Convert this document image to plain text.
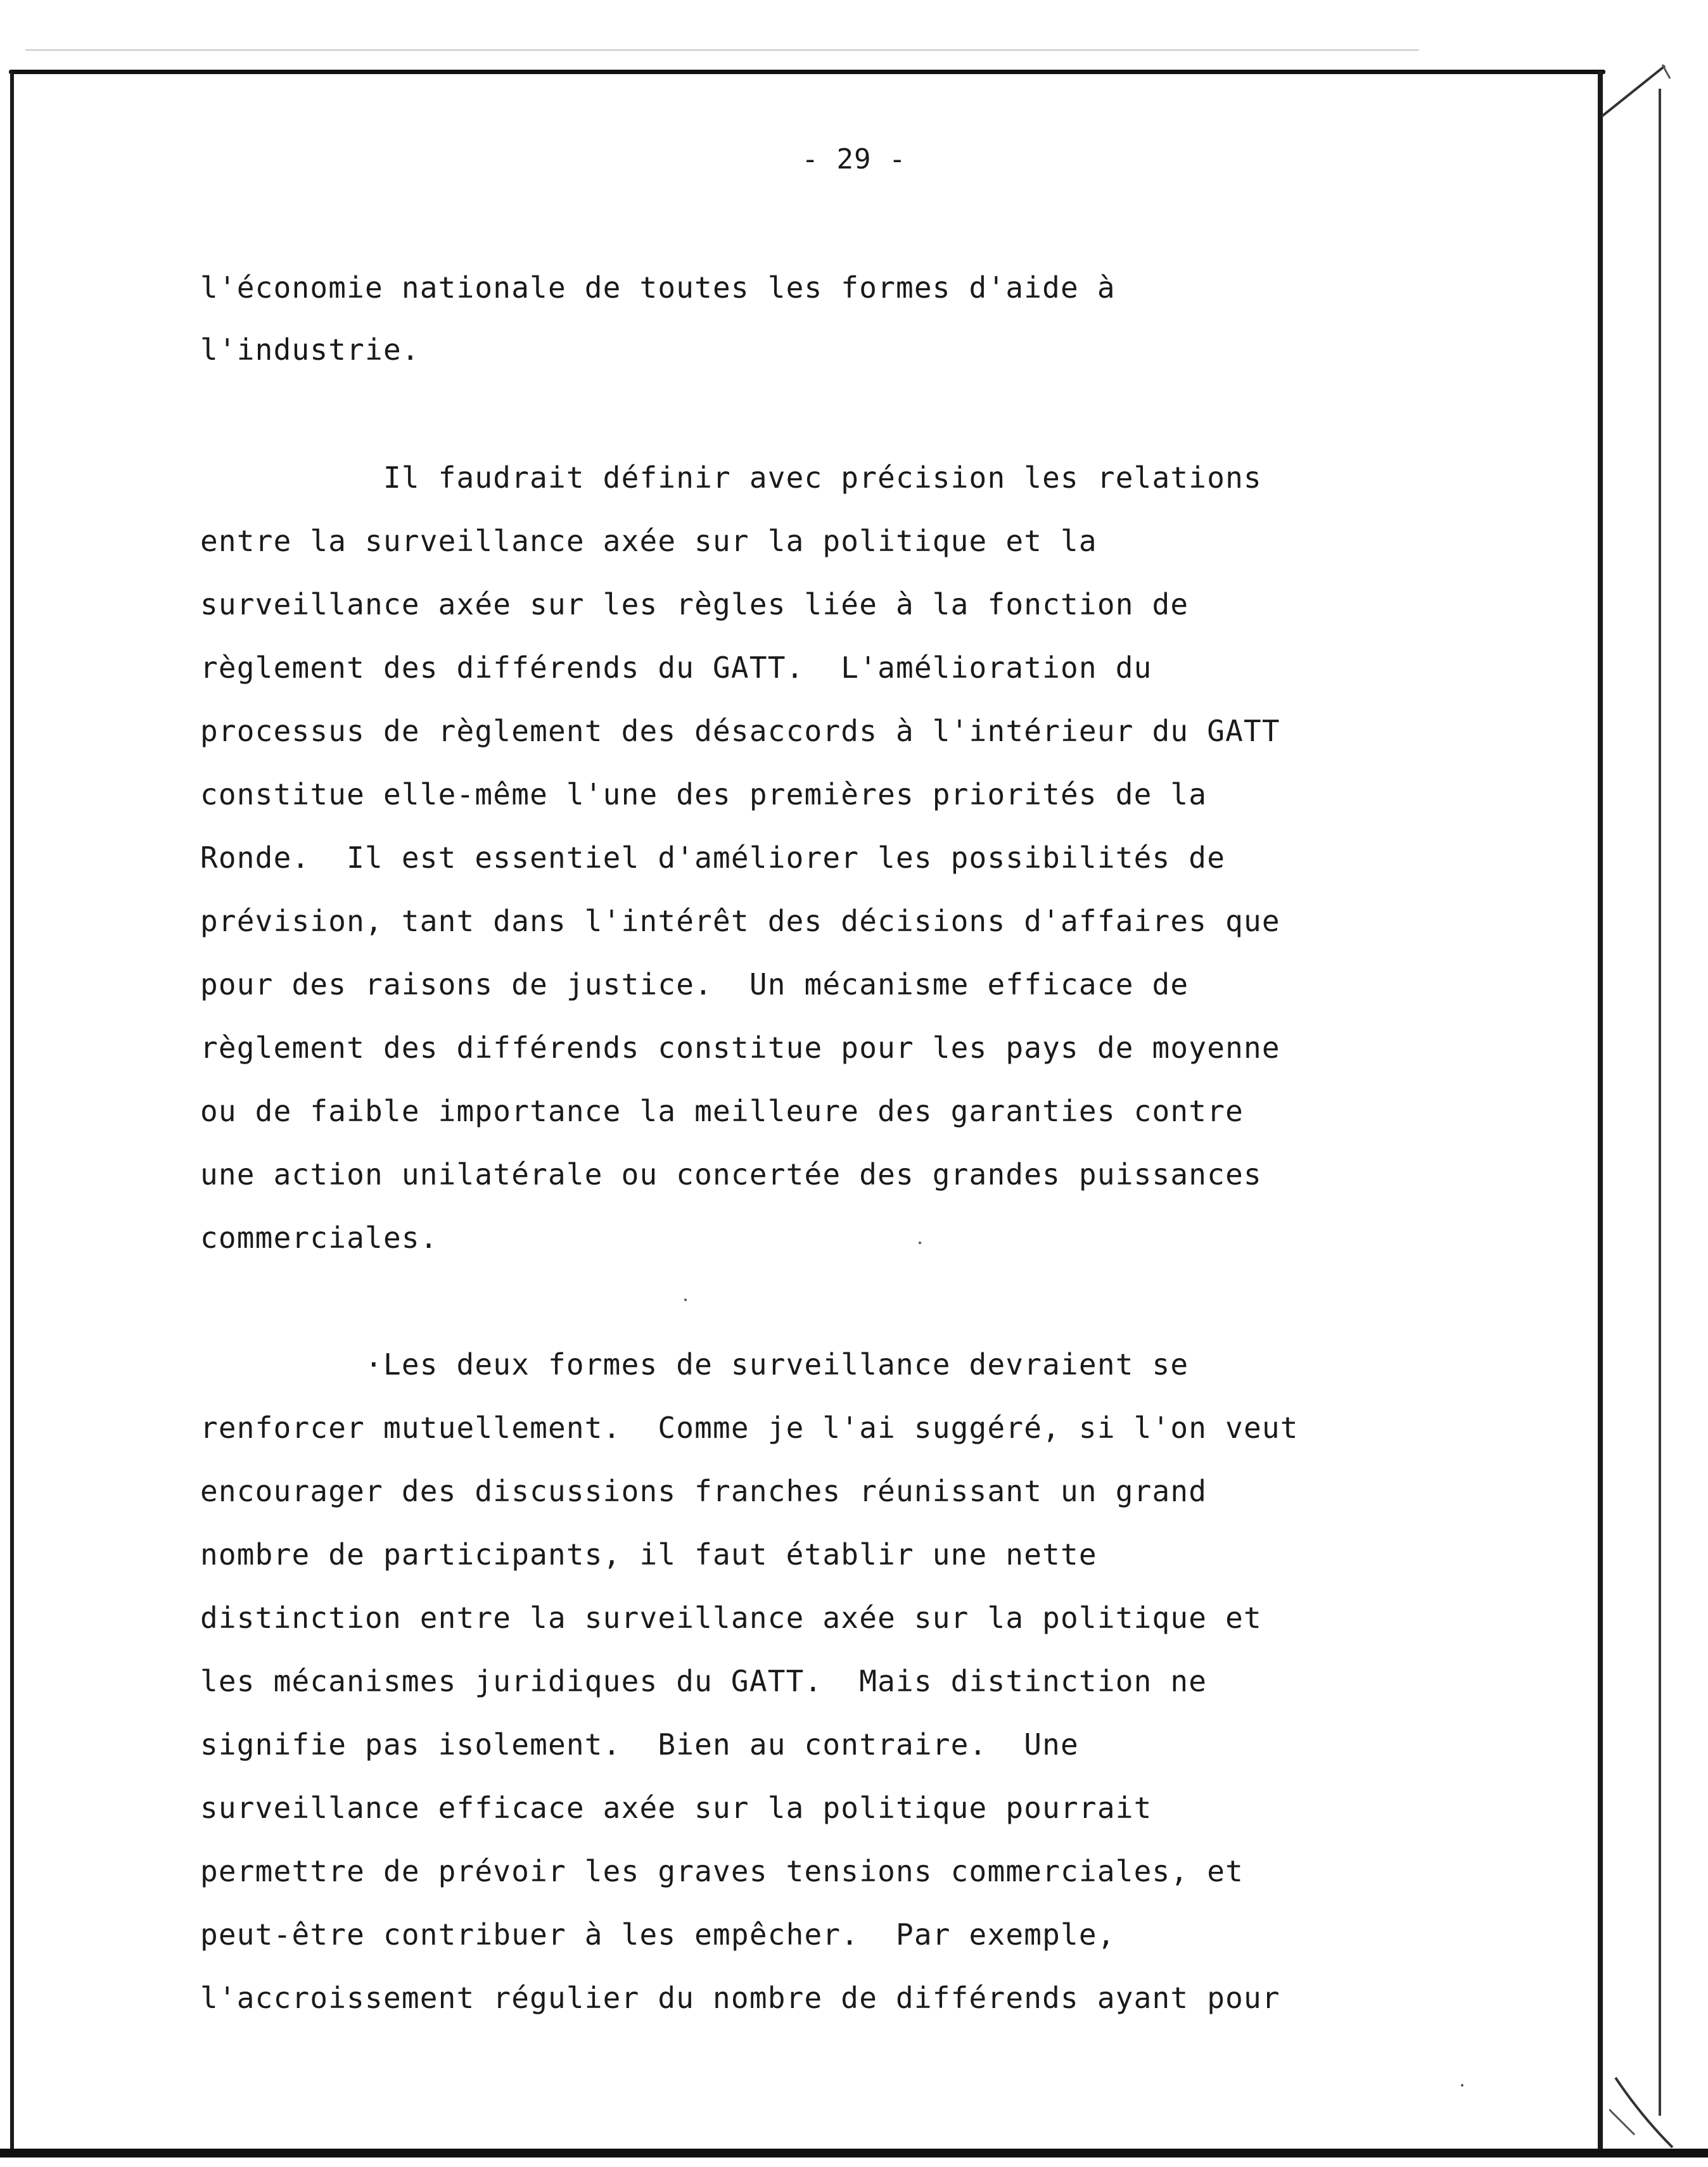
- 29 -
l'économie nationale de toutes les formes d'aide à
l'industrie.
Il faudrait définir avec précision les relations
entre la surveillance axée sur la politique et la
surveillance axée sur les règles liée à la fonction de
règlement des différends du GATT.  L'amélioration du
processus de règlement des désaccords à l'intérieur du GATT
constitue elle-même l'une des premières priorités de la
Ronde.  Il est essentiel d'améliorer les possibilités de
prévision, tant dans l'intérêt des décisions d'affaires que
pour des raisons de justice.  Un mécanisme efficace de
règlement des différends constitue pour les pays de moyenne
ou de faible importance la meilleure des garanties contre
une action unilatérale ou concertée des grandes puissances
commerciales.
·Les deux formes de surveillance devraient se
renforcer mutuellement.  Comme je l'ai suggéré, si l'on veut
encourager des discussions franches réunissant un grand
nombre de participants, il faut établir une nette
distinction entre la surveillance axée sur la politique et
les mécanismes juridiques du GATT.  Mais distinction ne
signifie pas isolement.  Bien au contraire.  Une
surveillance efficace axée sur la politique pourrait
permettre de prévoir les graves tensions commerciales, et
peut-être contribuer à les empêcher.  Par exemple,
l'accroissement régulier du nombre de différends ayant pour
